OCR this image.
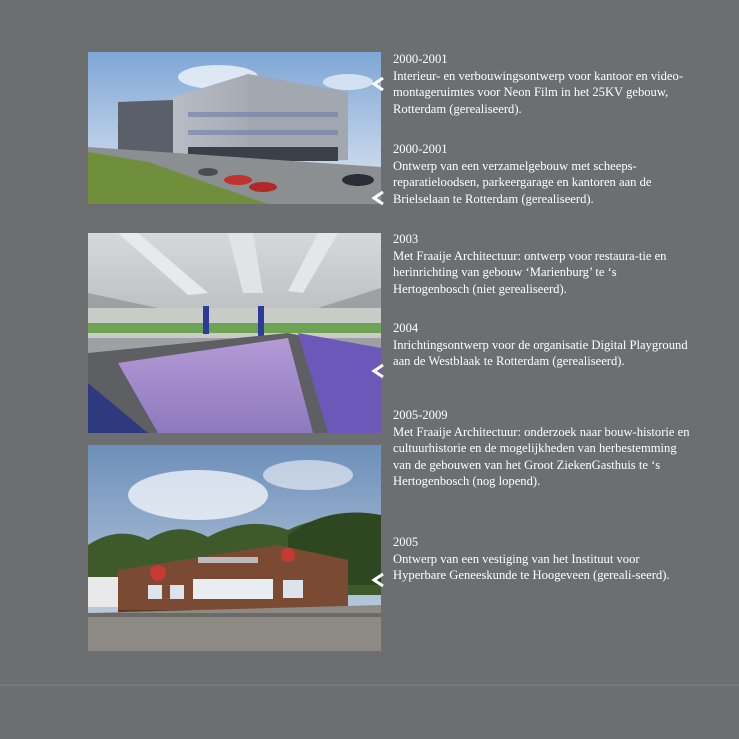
2000-2001

Interieur- en verbouwingsontwerp voor kantoor en video-montageruimtes voor Neon Film in het 25KV gebouw, Rotterdam (gerealiseerd).

2000-2001

Ontwerp van een verzamelgebouw met scheeps-reparatieloodsen, parkeergarage en kantoren aan de Brielselaan te Rotterdam (gerealiseerd).

2003

Met Fraaije Architectuur: ontwerp voor restaura-tie en herinrichting van gebouw ‘Marienburg’ te ‘s Hertogenbosch (niet gerealiseerd).

2004

Inrichtingsontwerp voor de organisatie Digital Playground aan de Westblaak te Rotterdam (gerealiseerd).

2005-2009

Met Fraaije Architectuur: onderzoek naar bouw-historie en cultuurhistorie en de mogelijkheden van herbestemming van de gebouwen van het Groot ZiekenGasthuis te ‘s Hertogenbosch (nog lopend).

2005

Ontwerp van een vestiging van het Instituut voor Hyperbare Geneeskunde te Hoogeveen (gereali-seerd).
